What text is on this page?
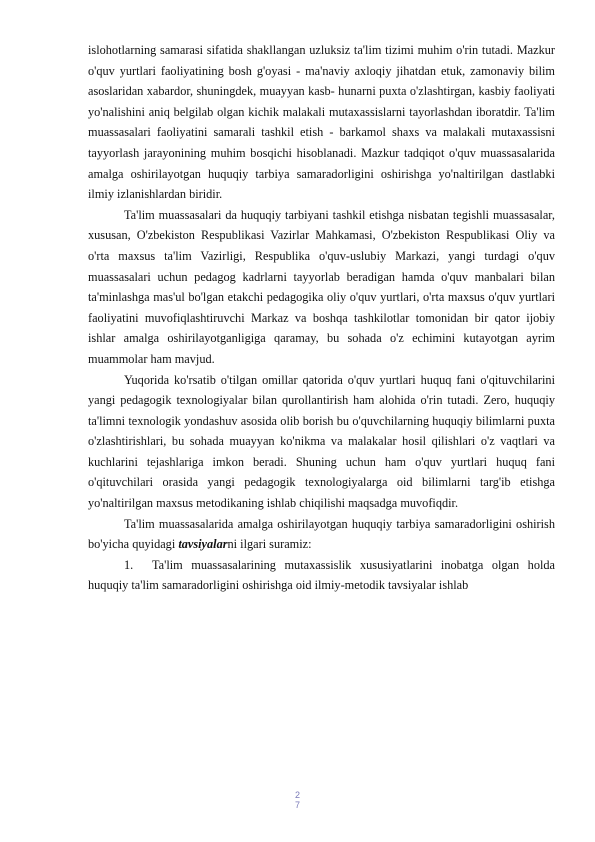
islohotlarning samarasi sifatida shakllangan uzluksiz ta'lim tizimi muhim o'rin tutadi. Mazkur o'quv yurtlari faoliyatining bosh g'oyasi - ma'naviy axloqiy jihatdan etuk, zamonaviy bilim asoslaridan xabardor, shuningdek, muayyan kasb- hunarni puxta o'zlashtirgan, kasbiy faoliyati yo'nalishini aniq belgilab olgan kichik malakali mutaxassislarni tayorlashdan iboratdir. Ta'lim muassasalari faoliyatini samarali tashkil etish - barkamol shaxs va malakali mutaxassisni tayyorlash jarayonining muhim bosqichi hisoblanadi. Mazkur tadqiqot o'quv muassasalarida amalga oshirilayotgan huquqiy tarbiya samaradorligini oshirishga yo'naltirilgan dastlabki ilmiy izlanishlardan biridir.

Ta'lim muassasalari da huquqiy tarbiyani tashkil etishga nisbatan tegishli muassasalar, xususan, O'zbekiston Respublikasi Vazirlar Mahkamasi, O'zbekiston Respublikasi Oliy va o'rta maxsus ta'lim Vazirligi, Respublika o'quv-uslubiy Markazi, yangi turdagi o'quv muassasalari uchun pedagog kadrlarni tayyorlab beradigan hamda o'quv manbalari bilan ta'minlashga mas'ul bo'lgan etakchi pedagogika oliy o'quv yurtlari, o'rta maxsus o'quv yurtlari faoliyatini muvofiqlashtiruvchi Markaz va boshqa tashkilotlar tomonidan bir qator ijobiy ishlar amalga oshirilayotganligiga qaramay, bu sohada o'z echimini kutayotgan ayrim muammolar ham mavjud.

Yuqorida ko'rsatib o'tilgan omillar qatorida o'quv yurtlari huquq fani o'qituvchilarini yangi pedagogik texnologiyalar bilan qurollantirish ham alohida o'rin tutadi. Zero, huquqiy ta'limni texnologik yondashuv asosida olib borish bu o'quvchilarning huquqiy bilimlarni puxta o'zlashtirishlari, bu sohada muayyan ko'nikma va malakalar hosil qilishlari o'z vaqtlari va kuchlarini tejashlariga imkon beradi. Shuning uchun ham o'quv yurtlari huquq fani o'qituvchilari orasida yangi pedagogik texnologiyalarga oid bilimlarni targ'ib etishga yo'naltirilgan maxsus metodikaning ishlab chiqilishi maqsadga muvofiqdir.

Ta'lim muassasalarida amalga oshirilayotgan huquqiy tarbiya samaradorligini oshirish bo'yicha quyidagi tavsiyalarni ilgari suramiz:

1. Ta'lim muassasalarining mutaxassislik xususiyatlarini inobatga olgan holda huquqiy ta'lim samaradorligini oshirishga oid ilmiy-metodik tavsiyalar ishlab

2
7
